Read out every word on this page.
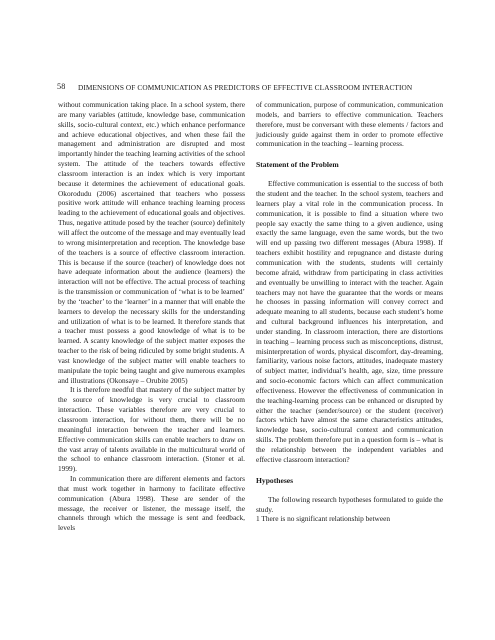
58 DIMENSIONS OF COMMUNICATION AS PREDICTORS OF EFFECTIVE CLASSROOM INTERACTION

without communication taking place. In a school system, there are many variables (attitude, knowledge base, communication skills, socio-cultural context, etc.) which enhance performance and achieve educational objectives, and when these fail the management and administration are disrupted and most importantly hinder the teaching learning activities of the school system. The attitude of the teachers towards effective classroom interaction is an index which is very important because it determines the achievement of educational goals. Okorodudu (2006) ascertained that teachers who possess positive work attitude will enhance teaching learning process leading to the achievement of educational goals and objectives. Thus, negative attitude posed by the teacher (source) definitely will affect the outcome of the message and may eventually lead to wrong misinterpretation and reception. The knowledge base of the teachers is a source of effective classroom interaction. This is because if the source (teacher) of knowledge does not have adequate information about the audience (learners) the interaction will not be effective. The actual process of teaching is the transmission or communication of ‘what is to be learned’ by the ‘teacher’ to the ‘learner’ in a manner that will enable the learners to develop the necessary skills for the understanding and utilization of what is to be learned. It therefore stands that a teacher must possess a good knowledge of what is to be learned. A scanty knowledge of the subject matter exposes the teacher to the risk of being ridiculed by some bright students. A vast knowledge of the subject matter will enable teachers to manipulate the topic being taught and give numerous examples and illustrations (Okonsaye – Orubite 2005)

It is therefore needful that mastery of the subject matter by the source of knowledge is very crucial to classroom interaction. These variables therefore are very crucial to classroom interaction, for without them, there will be no meaningful interaction between the teacher and learners. Effective communication skills can enable teachers to draw on the vast array of talents available in the multicultural world of the school to enhance classroom interaction. (Stoner et al. 1999).

In communication there are different elements and factors that must work together in harmony to facilitate effective communication (Abura 1998). These are sender of the message, the receiver or listener, the message itself, the channels through which the message is sent and feedback, levels

of communication, purpose of communication, communication models, and barriers to effective communication. Teachers therefore, must be conversant with these elements / factors and judiciously guide against them in order to promote effective communication in the teaching – learning process.

Statement of the Problem

Effective communication is essential to the success of both the student and the teacher. In the school system, teachers and learners play a vital role in the communication process. In communication, it is possible to find a situation where two people say exactly the same thing to a given audience, using exactly the same language, even the same words, but the two will end up passing two different messages (Abura 1998). If teachers exhibit hostility and repugnance and distaste during communication with the students, students will certainly become afraid, withdraw from participating in class activities and eventually be unwilling to interact with the teacher. Again teachers may not have the guarantee that the words or means he chooses in passing information will convey correct and adequate meaning to all students, because each student’s home and cultural background influences his interpretation, and under standing. In classroom interaction, there are distortions in teaching – learning process such as misconceptions, distrust, misinterpretation of words, physical discomfort, day-dreaming, familiarity, various noise factors, attitudes, inadequate mastery of subject matter, individual’s health, age, size, time pressure and socio-economic factors which can affect communication effectiveness. However the effectiveness of communication in the teaching-learning process can be enhanced or disrupted by either the teacher (sender/source) or the student (receiver) factors which have almost the same characteristics attitudes, knowledge base, socio-cultural context and communication skills. The problem therefore put in a question form is – what is the relationship between the independent variables and effective classroom interaction?

Hypotheses

The following research hypotheses formulated to guide the study.

1 There is no significant relationship between
